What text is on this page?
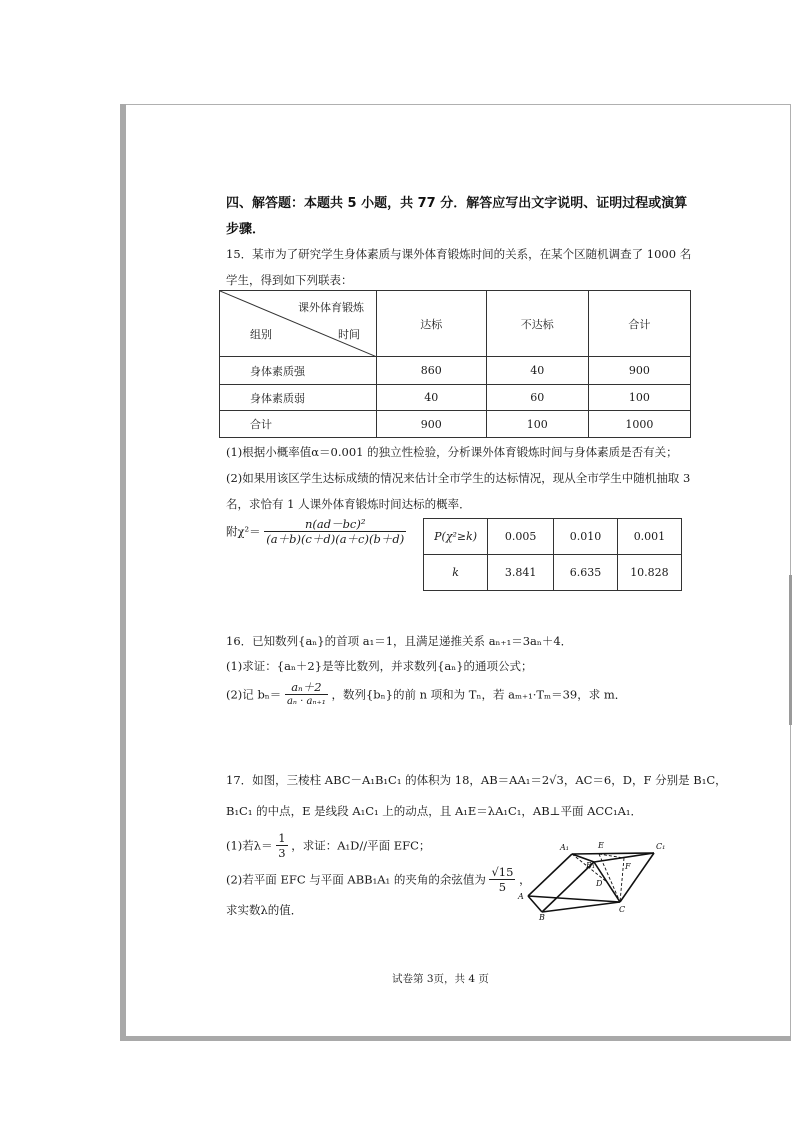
四、解答题：本题共 5 小题，共 77 分．解答应写出文字说明、证明过程或演算
步骤．
15．某市为了研究学生身体素质与课外体育锻炼时间的关系，在某个区随机调查了 1000 名
学生，得到如下列联表：
课外体育锻炼
组别 时间	达标	不达标	合计
身体素质强	860	40	900
身体素质弱	40	60	100
合计	900	100	1000
(1)根据小概率值α＝0.001 的独立性检验，分析课外体育锻炼时间与身体素质是否有关；
(2)如果用该区学生达标成绩的情况来估计全市学生的达标情况，现从全市学生中随机抽取 3
名，求恰有 1 人课外体育锻炼时间达标的概率．
附$\chi^2= \frac{\text{n(ad－bc)²}}{(a+b)(c+d)(a+c)(b+d)}$	P(χ²≥k)	0.005	0.010	0.001
k	3.841	6.635	10.828
16．已知数列{aₙ}的首项 a₁＝1，且满足递推关系 aₙ₊₁＝3aₙ＋4．
(1)求证：{aₙ＋2}是等比数列，并求数列{aₙ}的通项公式；
(2)记 $b_n= \frac{\text{aₙ＋2}}{\text{aₙ · aₙ₊₁}}$ ，数列{bₙ}的前 n 项和为 Tₙ，若 aₘ₊₁·Tₘ＝39，求 m．
17．如图，三棱柱 ABC－A₁B₁C₁ 的体积为 18，AB＝AA₁＝2√3，AC＝6，D，F 分别是 B₁C，
B₁C₁ 的中点，E 是线段 A₁C₁ 上的动点，且 A₁E＝λA₁C₁，AB⊥平面 ACC₁A₁．
(1)若$\lambda= \frac{1}{3}$ ，求证：A₁D//平面 EFC；
(2)若平面 EFC 与平面 ABB₁A₁ 的夹角的余弦值为 $\frac{√15}{5}$ ，
求实数λ的值．
A₁	E	C₁
B₁	F
D
A
B
C
试卷第 3页，共 4 页
